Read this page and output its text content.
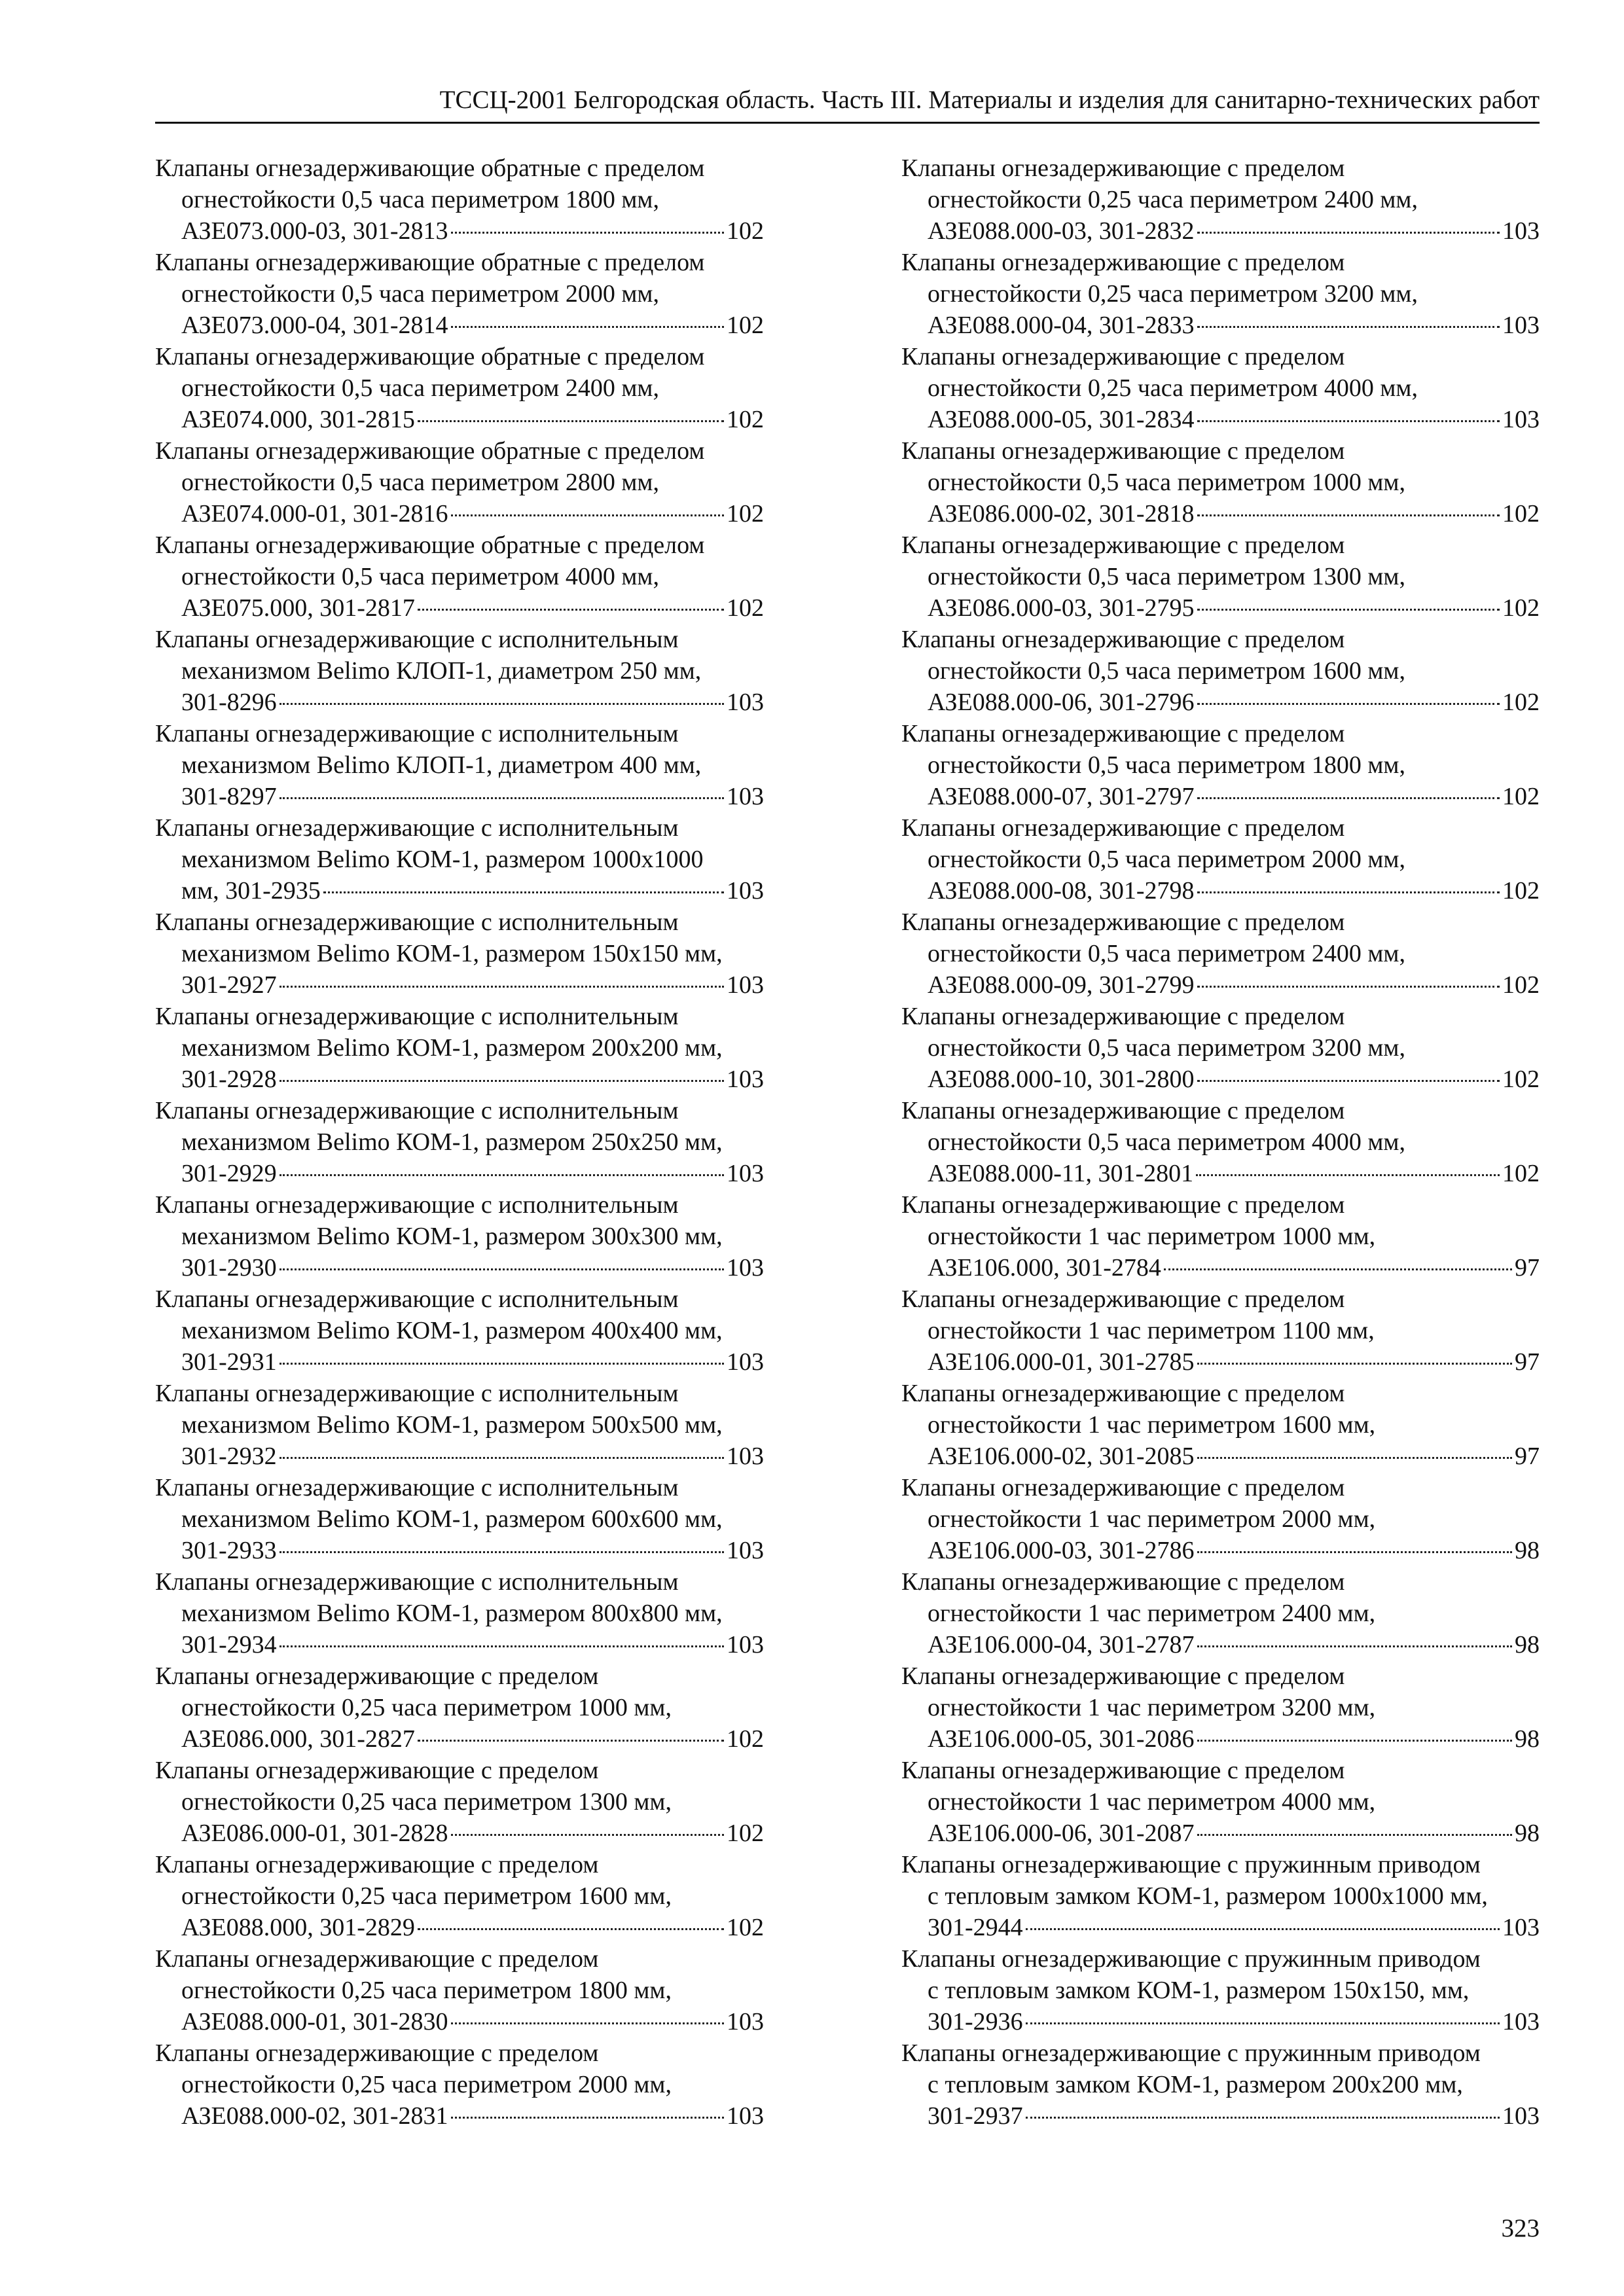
ТССЦ-2001 Белгородская область. Часть III. Материалы и изделия для санитарно-технических работ
Клапаны огнезадерживающие обратные с пределом
огнестойкости 0,5 часа периметром 1800 мм,
АЗЕ073.000-03, 301-2813	102
Клапаны огнезадерживающие обратные с пределом
огнестойкости 0,5 часа периметром 2000 мм,
АЗЕ073.000-04, 301-2814	102
Клапаны огнезадерживающие обратные с пределом
огнестойкости 0,5 часа периметром 2400 мм,
АЗЕ074.000, 301-2815	102
Клапаны огнезадерживающие обратные с пределом
огнестойкости 0,5 часа периметром 2800 мм,
АЗЕ074.000-01, 301-2816	102
Клапаны огнезадерживающие обратные с пределом
огнестойкости 0,5 часа периметром 4000 мм,
АЗЕ075.000, 301-2817	102
Клапаны огнезадерживающие с исполнительным
механизмом Belimo КЛОП-1, диаметром 250 мм,
301-8296	103
Клапаны огнезадерживающие с исполнительным
механизмом Belimo КЛОП-1, диаметром 400 мм,
301-8297	103
Клапаны огнезадерживающие с исполнительным
механизмом Belimo КОМ-1, размером 1000x1000
мм, 301-2935	103
Клапаны огнезадерживающие с исполнительным
механизмом Belimo КОМ-1, размером 150x150 мм,
301-2927	103
Клапаны огнезадерживающие с исполнительным
механизмом Belimo КОМ-1, размером 200x200 мм,
301-2928	103
Клапаны огнезадерживающие с исполнительным
механизмом Belimo КОМ-1, размером 250x250 мм,
301-2929	103
Клапаны огнезадерживающие с исполнительным
механизмом Belimo КОМ-1, размером 300x300 мм,
301-2930	103
Клапаны огнезадерживающие с исполнительным
механизмом Belimo КОМ-1, размером 400x400 мм,
301-2931	103
Клапаны огнезадерживающие с исполнительным
механизмом Belimo КОМ-1, размером 500x500 мм,
301-2932	103
Клапаны огнезадерживающие с исполнительным
механизмом Belimo КОМ-1, размером 600x600 мм,
301-2933	103
Клапаны огнезадерживающие с исполнительным
механизмом Belimo КОМ-1, размером 800x800 мм,
301-2934	103
Клапаны огнезадерживающие с пределом
огнестойкости 0,25 часа периметром 1000 мм,
АЗЕ086.000, 301-2827	102
Клапаны огнезадерживающие с пределом
огнестойкости 0,25 часа периметром 1300 мм,
АЗЕ086.000-01, 301-2828	102
Клапаны огнезадерживающие с пределом
огнестойкости 0,25 часа периметром 1600 мм,
АЗЕ088.000, 301-2829	102
Клапаны огнезадерживающие с пределом
огнестойкости 0,25 часа периметром 1800 мм,
АЗЕ088.000-01, 301-2830	103
Клапаны огнезадерживающие с пределом
огнестойкости 0,25 часа периметром 2000 мм,
АЗЕ088.000-02, 301-2831	103
Клапаны огнезадерживающие с пределом
огнестойкости 0,25 часа периметром 2400 мм,
АЗЕ088.000-03, 301-2832	103
Клапаны огнезадерживающие с пределом
огнестойкости 0,25 часа периметром 3200 мм,
АЗЕ088.000-04, 301-2833	103
Клапаны огнезадерживающие с пределом
огнестойкости 0,25 часа периметром 4000 мм,
АЗЕ088.000-05, 301-2834	103
Клапаны огнезадерживающие с пределом
огнестойкости 0,5 часа периметром 1000 мм,
АЗЕ086.000-02, 301-2818	102
Клапаны огнезадерживающие с пределом
огнестойкости 0,5 часа периметром 1300 мм,
АЗЕ086.000-03, 301-2795	102
Клапаны огнезадерживающие с пределом
огнестойкости 0,5 часа периметром 1600 мм,
АЗЕ088.000-06, 301-2796	102
Клапаны огнезадерживающие с пределом
огнестойкости 0,5 часа периметром 1800 мм,
АЗЕ088.000-07, 301-2797	102
Клапаны огнезадерживающие с пределом
огнестойкости 0,5 часа периметром 2000 мм,
АЗЕ088.000-08, 301-2798	102
Клапаны огнезадерживающие с пределом
огнестойкости 0,5 часа периметром 2400 мм,
АЗЕ088.000-09, 301-2799	102
Клапаны огнезадерживающие с пределом
огнестойкости 0,5 часа периметром 3200 мм,
АЗЕ088.000-10, 301-2800	102
Клапаны огнезадерживающие с пределом
огнестойкости 0,5 часа периметром 4000 мм,
АЗЕ088.000-11, 301-2801	102
Клапаны огнезадерживающие с пределом
огнестойкости 1 час периметром 1000 мм,
АЗЕ106.000, 301-2784	97
Клапаны огнезадерживающие с пределом
огнестойкости 1 час периметром 1100 мм,
АЗЕ106.000-01, 301-2785	97
Клапаны огнезадерживающие с пределом
огнестойкости 1 час периметром 1600 мм,
АЗЕ106.000-02, 301-2085	97
Клапаны огнезадерживающие с пределом
огнестойкости 1 час периметром 2000 мм,
АЗЕ106.000-03, 301-2786	98
Клапаны огнезадерживающие с пределом
огнестойкости 1 час периметром 2400 мм,
АЗЕ106.000-04, 301-2787	98
Клапаны огнезадерживающие с пределом
огнестойкости 1 час периметром 3200 мм,
АЗЕ106.000-05, 301-2086	98
Клапаны огнезадерживающие с пределом
огнестойкости 1 час периметром 4000 мм,
АЗЕ106.000-06, 301-2087	98
Клапаны огнезадерживающие с пружинным приводом
с тепловым замком КОМ-1, размером 1000x1000 мм,
301-2944	103
Клапаны огнезадерживающие с пружинным приводом
с тепловым замком КОМ-1, размером 150x150, мм,
301-2936	103
Клапаны огнезадерживающие с пружинным приводом
с тепловым замком КОМ-1, размером 200x200 мм,
301-2937	103
323
